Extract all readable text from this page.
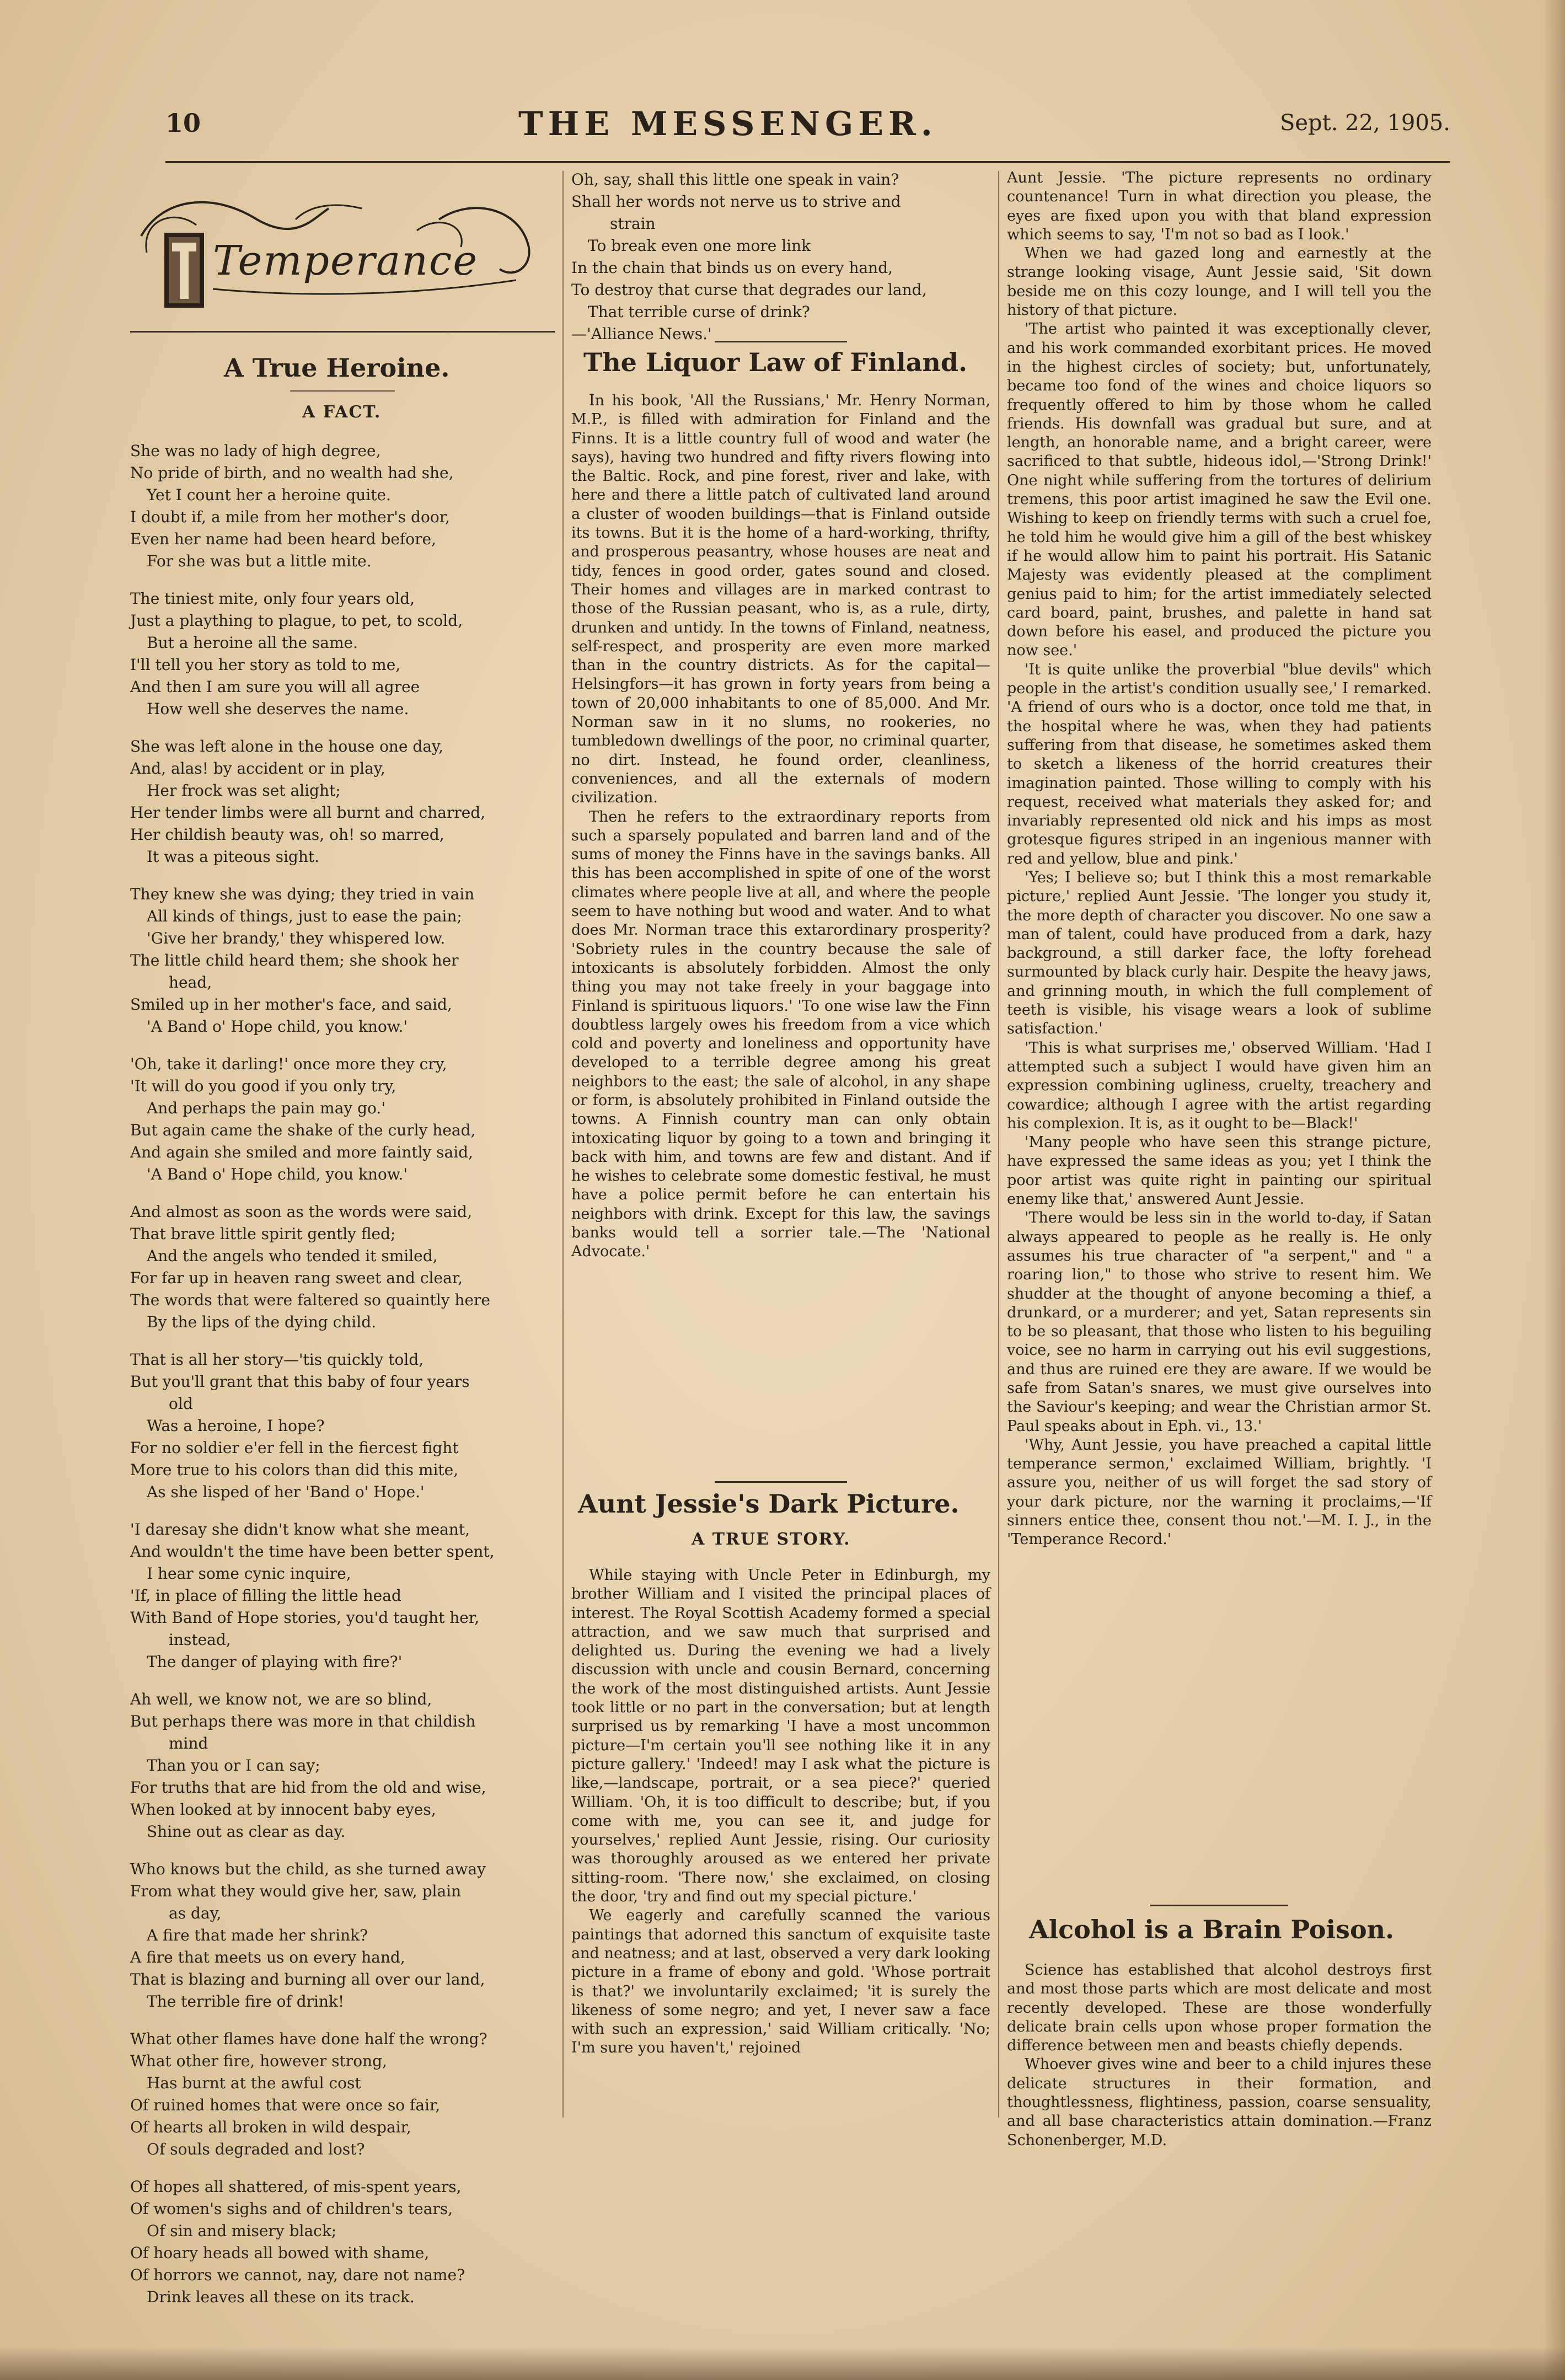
10	THE MESSENGER.	Sept. 22, 1905.
Temperance
A True Heroine.
A FACT.
She was no lady of high degree,
No pride of birth, and no wealth had she,
Yet I count her a heroine quite.
I doubt if, a mile from her mother's door,
Even her name had been heard before,
For she was but a little mite.
The tiniest mite, only four years old,
Just a plaything to plague, to pet, to scold,
But a heroine all the same.
I'll tell you her story as told to me,
And then I am sure you will all agree
How well she deserves the name.
She was left alone in the house one day,
And, alas! by accident or in play,
Her frock was set alight;
Her tender limbs were all burnt and charred,
Her childish beauty was, oh! so marred,
It was a piteous sight.
They knew she was dying; they tried in vain
All kinds of things, just to ease the pain;
'Give her brandy,' they whispered low.
The little child heard them; she shook her
head,
Smiled up in her mother's face, and said,
'A Band o' Hope child, you know.'
'Oh, take it darling!' once more they cry,
'It will do you good if you only try,
And perhaps the pain may go.'
But again came the shake of the curly head,
And again she smiled and more faintly said,
'A Band o' Hope child, you know.'
And almost as soon as the words were said,
That brave little spirit gently fled;
And the angels who tended it smiled,
For far up in heaven rang sweet and clear,
The words that were faltered so quaintly here
By the lips of the dying child.
That is all her story—'tis quickly told,
But you'll grant that this baby of four years
old
Was a heroine, I hope?
For no soldier e'er fell in the fiercest fight
More true to his colors than did this mite,
As she lisped of her 'Band o' Hope.'
'I daresay she didn't know what she meant,
And wouldn't the time have been better spent,
I hear some cynic inquire,
'If, in place of filling the little head
With Band of Hope stories, you'd taught her,
instead,
The danger of playing with fire?'
Ah well, we know not, we are so blind,
But perhaps there was more in that childish
mind
Than you or I can say;
For truths that are hid from the old and wise,
When looked at by innocent baby eyes,
Shine out as clear as day.
Who knows but the child, as she turned away
From what they would give her, saw, plain
as day,
A fire that made her shrink?
A fire that meets us on every hand,
That is blazing and burning all over our land,
The terrible fire of drink!
What other flames have done half the wrong?
What other fire, however strong,
Has burnt at the awful cost
Of ruined homes that were once so fair,
Of hearts all broken in wild despair,
Of souls degraded and lost?
Of hopes all shattered, of mis-spent years,
Of women's sighs and of children's tears,
Of sin and misery black;
Of hoary heads all bowed with shame,
Of horrors we cannot, nay, dare not name?
Drink leaves all these on its track.
Oh, say, shall this little one speak in vain?
Shall her words not nerve us to strive and
strain
To break even one more link
In the chain that binds us on every hand,
To destroy that curse that degrades our land,
That terrible curse of drink?
—'Alliance News.'
The Liquor Law of Finland.

In his book, 'All the Russians,' Mr. Henry Norman, M.P., is filled with admiration for Finland and the Finns. It is a little country full of wood and water (he says), having two hundred and fifty rivers flowing into the Baltic. Rock, and pine forest, river and lake, with here and there a little patch of cultivated land around a cluster of wooden buildings—that is Finland outside its towns. But it is the home of a hard-working, thrifty, and prosperous peasantry, whose houses are neat and tidy, fences in good order, gates sound and closed. Their homes and villages are in marked contrast to those of the Russian peasant, who is, as a rule, dirty, drunken and untidy. In the towns of Finland, neatness, self-respect, and prosperity are even more marked than in the country districts. As for the capital—Helsingfors—it has grown in forty years from being a town of 20,000 inhabitants to one of 85,000. And Mr. Norman saw in it no slums, no rookeries, no tumbledown dwellings of the poor, no criminal quarter, no dirt. Instead, he found order, cleanliness, conveniences, and all the externals of modern civilization.

Then he refers to the extraordinary reports from such a sparsely populated and barren land and of the sums of money the Finns have in the savings banks. All this has been accomplished in spite of one of the worst climates where people live at all, and where the people seem to have nothing but wood and water. And to what does Mr. Norman trace this extarordinary prosperity? 'Sobriety rules in the country because the sale of intoxicants is absolutely forbidden. Almost the only thing you may not take freely in your baggage into Finland is spirituous liquors.' 'To one wise law the Finn doubtless largely owes his freedom from a vice which cold and poverty and loneliness and opportunity have developed to a terrible degree among his great neighbors to the east; the sale of alcohol, in any shape or form, is absolutely prohibited in Finland outside the towns. A Finnish country man can only obtain intoxicating liquor by going to a town and bringing it back with him, and towns are few and distant. And if he wishes to celebrate some domestic festival, he must have a police permit before he can entertain his neighbors with drink. Except for this law, the savings banks would tell a sorrier tale.—The 'National Advocate.'

Aunt Jessie's Dark Picture.
A TRUE STORY.

While staying with Uncle Peter in Edinburgh, my brother William and I visited the principal places of interest. The Royal Scottish Academy formed a special attraction, and we saw much that surprised and delighted us. During the evening we had a lively discussion with uncle and cousin Bernard, concerning the work of the most distinguished artists. Aunt Jessie took little or no part in the conversation; but at length surprised us by remarking 'I have a most uncommon picture—I'm certain you'll see nothing like it in any picture gallery.' 'Indeed! may I ask what the picture is like,—landscape, portrait, or a sea piece?' queried William. 'Oh, it is too difficult to describe; but, if you come with me, you can see it, and judge for yourselves,' replied Aunt Jessie, rising. Our curiosity was thoroughly aroused as we entered her private sitting-room. 'There now,' she exclaimed, on closing the door, 'try and find out my special picture.'

We eagerly and carefully scanned the various paintings that adorned this sanctum of exquisite taste and neatness; and at last, observed a very dark looking picture in a frame of ebony and gold. 'Whose portrait is that?' we involuntarily exclaimed; 'it is surely the likeness of some negro; and yet, I never saw a face with such an expression,' said William critically. 'No; I'm sure you haven't,' rejoined

Aunt Jessie. 'The picture represents no ordinary countenance! Turn in what direction you please, the eyes are fixed upon you with that bland expression which seems to say, 'I'm not so bad as I look.'

When we had gazed long and earnestly at the strange looking visage, Aunt Jessie said, 'Sit down beside me on this cozy lounge, and I will tell you the history of that picture.

'The artist who painted it was exceptionally clever, and his work commanded exorbitant prices. He moved in the highest circles of society; but, unfortunately, became too fond of the wines and choice liquors so frequently offered to him by those whom he called friends. His downfall was gradual but sure, and at length, an honorable name, and a bright career, were sacrificed to that subtle, hideous idol,—'Strong Drink!' One night while suffering from the tortures of delirium tremens, this poor artist imagined he saw the Evil one. Wishing to keep on friendly terms with such a cruel foe, he told him he would give him a gill of the best whiskey if he would allow him to paint his portrait. His Satanic Majesty was evidently pleased at the compliment genius paid to him; for the artist immediately selected card board, paint, brushes, and palette in hand sat down before his easel, and produced the picture you now see.'

'It is quite unlike the proverbial "blue devils" which people in the artist's condition usually see,' I remarked. 'A friend of ours who is a doctor, once told me that, in the hospital where he was, when they had patients suffering from that disease, he sometimes asked them to sketch a likeness of the horrid creatures their imagination painted. Those willing to comply with his request, received what materials they asked for; and invariably represented old nick and his imps as most grotesque figures striped in an ingenious manner with red and yellow, blue and pink.'

'Yes; I believe so; but I think this a most remarkable picture,' replied Aunt Jessie. 'The longer you study it, the more depth of character you discover. No one saw a man of talent, could have produced from a dark, hazy background, a still darker face, the lofty forehead surmounted by black curly hair. Despite the heavy jaws, and grinning mouth, in which the full complement of teeth is visible, his visage wears a look of sublime satisfaction.'

'This is what surprises me,' observed William. 'Had I attempted such a subject I would have given him an expression combining ugliness, cruelty, treachery and cowardice; although I agree with the artist regarding his complexion. It is, as it ought to be—Black!'

'Many people who have seen this strange picture, have expressed the same ideas as you; yet I think the poor artist was quite right in painting our spiritual enemy like that,' answered Aunt Jessie.

'There would be less sin in the world to-day, if Satan always appeared to people as he really is. He only assumes his true character of "a serpent," and " a roaring lion," to those who strive to resent him. We shudder at the thought of anyone becoming a thief, a drunkard, or a murderer; and yet, Satan represents sin to be so pleasant, that those who listen to his beguiling voice, see no harm in carrying out his evil suggestions, and thus are ruined ere they are aware. If we would be safe from Satan's snares, we must give ourselves into the Saviour's keeping; and wear the Christian armor St. Paul speaks about in Eph. vi., 13.'

'Why, Aunt Jessie, you have preached a capital little temperance sermon,' exclaimed William, brightly. 'I assure you, neither of us will forget the sad story of your dark picture, nor the warning it proclaims,—'If sinners entice thee, consent thou not.'—M. I. J., in the 'Temperance Record.'

Alcohol is a Brain Poison.

Science has established that alcohol destroys first and most those parts which are most delicate and most recently developed. These are those wonderfully delicate brain cells upon whose proper formation the difference between men and beasts chiefly depends.

Whoever gives wine and beer to a child injures these delicate structures in their formation, and thoughtlessness, flightiness, passion, coarse sensuality, and all base characteristics attain domination.—Franz Schonenberger, M.D.
